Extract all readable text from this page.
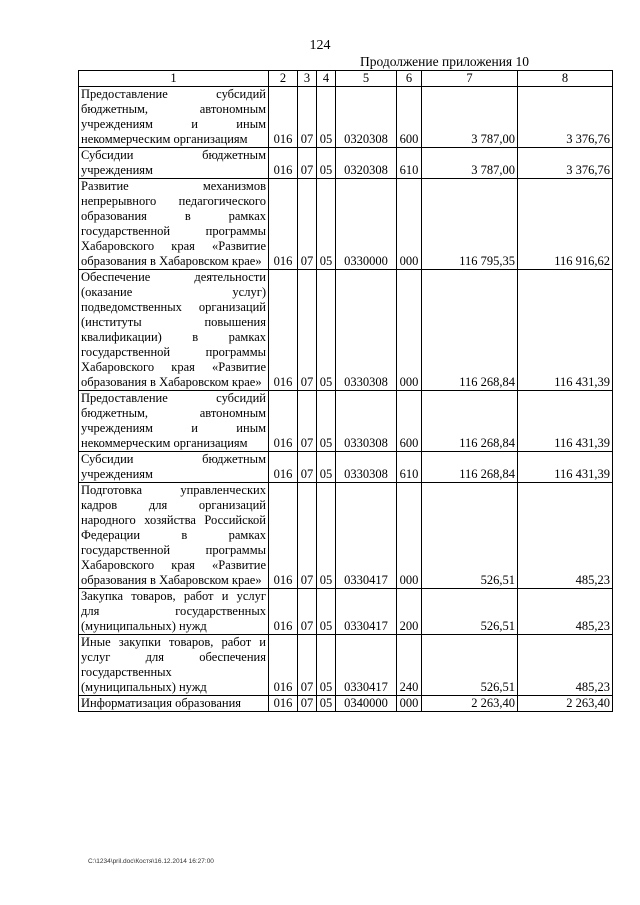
124
Продолжение приложения 10
1	2	3	4	5	6	7	8
Предоставление субсидий бюджетным, автономным учреждениям и иным некоммерческим организациям	016	07	05	0320308	600	3 787,00	3 376,76
Субсидии бюджетным учреждениям	016	07	05	0320308	610	3 787,00	3 376,76
Развитие механизмов непрерывного педагогического образования в рамках государственной программы Хабаровского края «Развитие образования в Хабаровском крае»	016	07	05	0330000	000	116 795,35	116 916,62
Обеспечение деятельности (оказание услуг) подведомственных организаций (институты повышения квалификации) в рамках государственной программы Хабаровского края «Развитие образования в Хабаровском крае»	016	07	05	0330308	000	116 268,84	116 431,39
Предоставление субсидий бюджетным, автономным учреждениям и иным некоммерческим организациям	016	07	05	0330308	600	116 268,84	116 431,39
Субсидии бюджетным учреждениям	016	07	05	0330308	610	116 268,84	116 431,39
Подготовка управленческих кадров для организаций народного хозяйства Российской Федерации в рамках государственной программы Хабаровского края «Развитие образования в Хабаровском крае»	016	07	05	0330417	000	526,51	485,23
Закупка товаров, работ и услуг для государственных (муниципальных) нужд	016	07	05	0330417	200	526,51	485,23
Иные закупки товаров, работ и услуг для обеспечения государственных (муниципальных) нужд	016	07	05	0330417	240	526,51	485,23
Информатизация образования	016	07	05	0340000	000	2 263,40	2 263,40
C:\1234\pril.doc\Костя\16.12.2014 16:27:00
